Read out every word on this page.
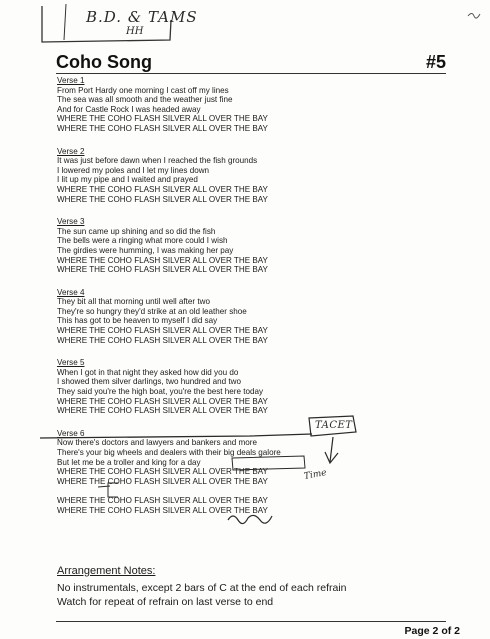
B.D. & TAMS
HH
Coho Song	#5
Verse 1
From Port Hardy one morning I cast off my lines
The sea was all smooth and the weather just fine
And for Castle Rock I was headed away
WHERE THE COHO FLASH SILVER ALL OVER THE BAY
WHERE THE COHO FLASH SILVER ALL OVER THE BAY
Verse 2
It was just before dawn when I reached the fish grounds
I lowered my poles and I let my lines down
I lit up my pipe and I waited and prayed
WHERE THE COHO FLASH SILVER ALL OVER THE BAY
WHERE THE COHO FLASH SILVER ALL OVER THE BAY
Verse 3
The sun came up shining and so did the fish
The bells were a ringing what more could I wish
The girdies were humming, I was making her pay
WHERE THE COHO FLASH SILVER ALL OVER THE BAY
WHERE THE COHO FLASH SILVER ALL OVER THE BAY
Verse 4
They bit all that morning until well after two
They're so hungry they'd strike at an old leather shoe
This has got to be heaven to myself I did say
WHERE THE COHO FLASH SILVER ALL OVER THE BAY
WHERE THE COHO FLASH SILVER ALL OVER THE BAY
Verse 5
When I got in that night they asked how did you do
I showed them silver darlings, two hundred and two
They said you're the high boat, you're the best here today
WHERE THE COHO FLASH SILVER ALL OVER THE BAY
WHERE THE COHO FLASH SILVER ALL OVER THE BAY
Verse 6
Now there's doctors and lawyers and bankers and more
There's your big wheels and dealers with their big deals galore
But let me be a troller and king for a day
WHERE THE COHO FLASH SILVER ALL OVER THE BAY
WHERE THE COHO FLASH SILVER ALL OVER THE BAY
WHERE THE COHO FLASH SILVER ALL OVER THE BAY
WHERE THE COHO FLASH SILVER ALL OVER THE BAY
TACET
Time
Arrangement Notes:
No instrumentals, except 2 bars of C at the end of each refrain
Watch for repeat of refrain on last verse to end
Page 2 of 2
